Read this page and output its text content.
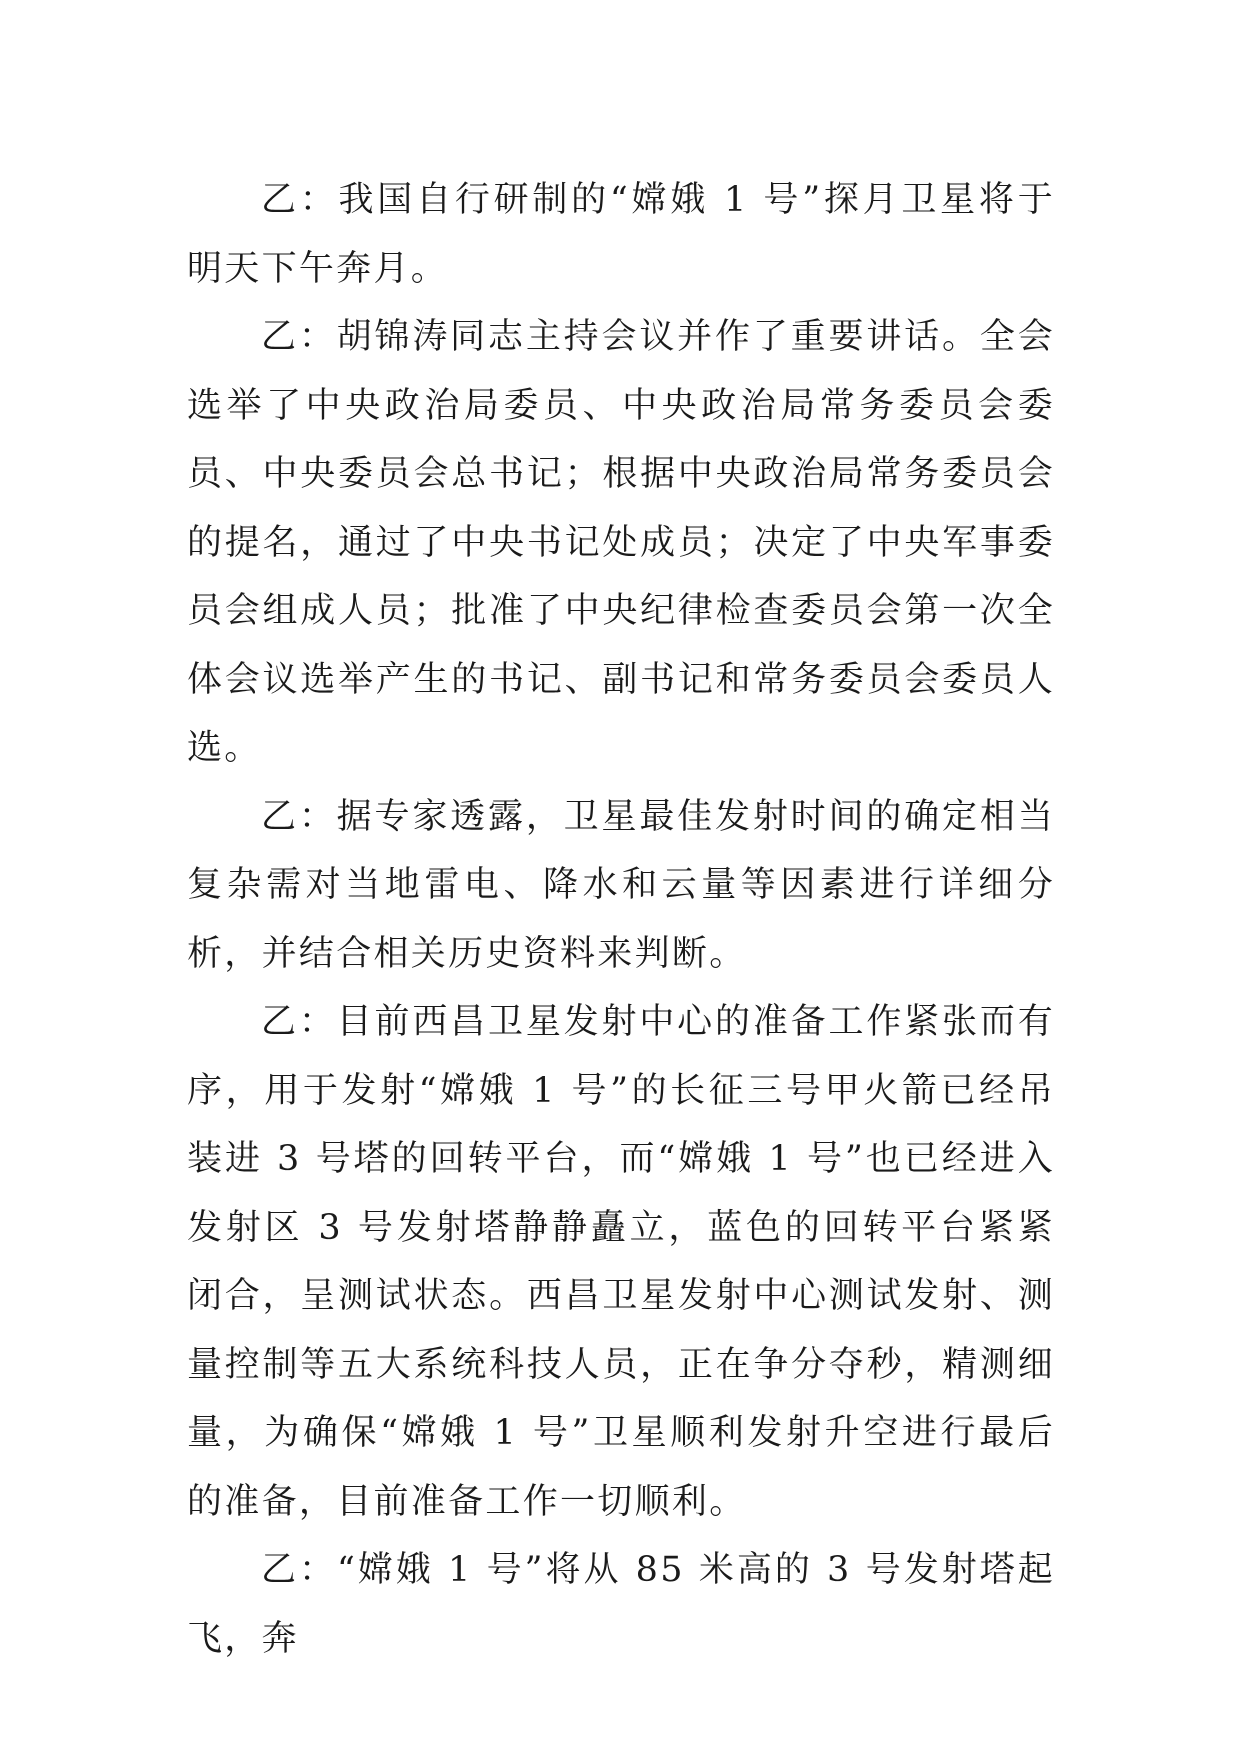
乙：我国自行研制的“嫦娥 1 号”探月卫星将于明天下午奔月。

乙：胡锦涛同志主持会议并作了重要讲话。全会选举了中央政治局委员、中央政治局常务委员会委员、中央委员会总书记；根据中央政治局常务委员会的提名，通过了中央书记处成员；决定了中央军事委员会组成人员；批准了中央纪律检查委员会第一次全体会议选举产生的书记、副书记和常务委员会委员人选。

乙：据专家透露，卫星最佳发射时间的确定相当复杂需对当地雷电、降水和云量等因素进行详细分析，并结合相关历史资料来判断。

乙：目前西昌卫星发射中心的准备工作紧张而有序，用于发射“嫦娥 1 号”的长征三号甲火箭已经吊装进 3 号塔的回转平台，而“嫦娥 1 号”也已经进入发射区 3 号发射塔静静矗立，蓝色的回转平台紧紧闭合，呈测试状态。西昌卫星发射中心测试发射、测量控制等五大系统科技人员，正在争分夺秒，精测细量，为确保“嫦娥 1 号”卫星顺利发射升空进行最后的准备，目前准备工作一切顺利。

乙：“嫦娥 1 号”将从 85 米高的 3 号发射塔起飞，奔
